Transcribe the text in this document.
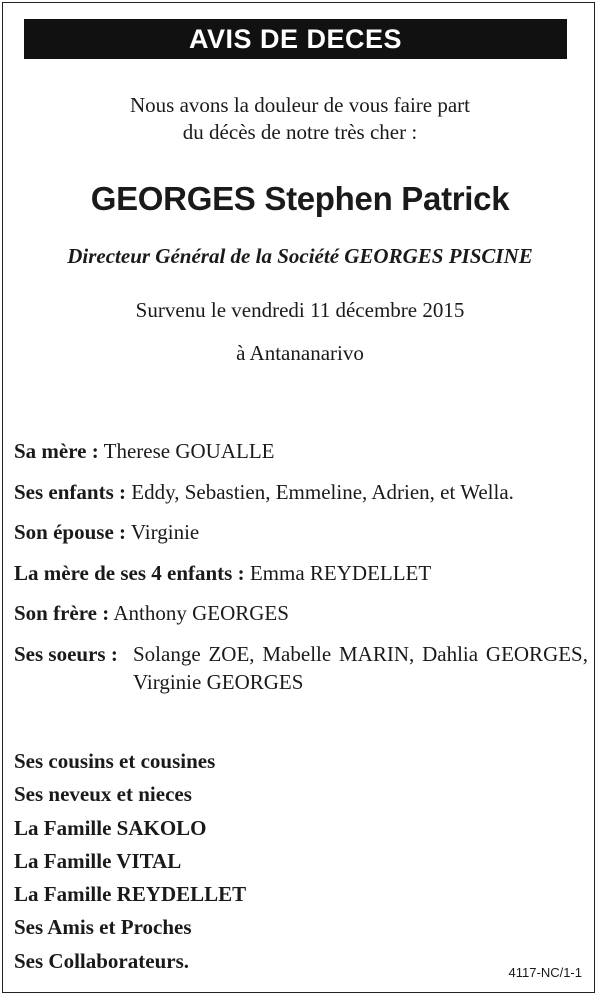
AVIS DE DECES
Nous avons la douleur de vous faire part
du décès de notre très cher :
GEORGES Stephen Patrick
Directeur Général de la Société GEORGES PISCINE
Survenu le vendredi 11 décembre 2015
à Antananarivo
Sa mère : Therese GOUALLE
Ses enfants : Eddy, Sebastien, Emmeline, Adrien, et Wella.
Son épouse : Virginie
La mère de ses 4 enfants : Emma REYDELLET
Son frère : Anthony GEORGES
Ses soeurs : Solange ZOE, Mabelle MARIN, Dahlia GEORGES, Virginie GEORGES
Ses cousins et cousines
Ses neveux et nieces
La Famille SAKOLO
La Famille VITAL
La Famille REYDELLET
Ses Amis et Proches
Ses Collaborateurs.	4117-NC/1-1
